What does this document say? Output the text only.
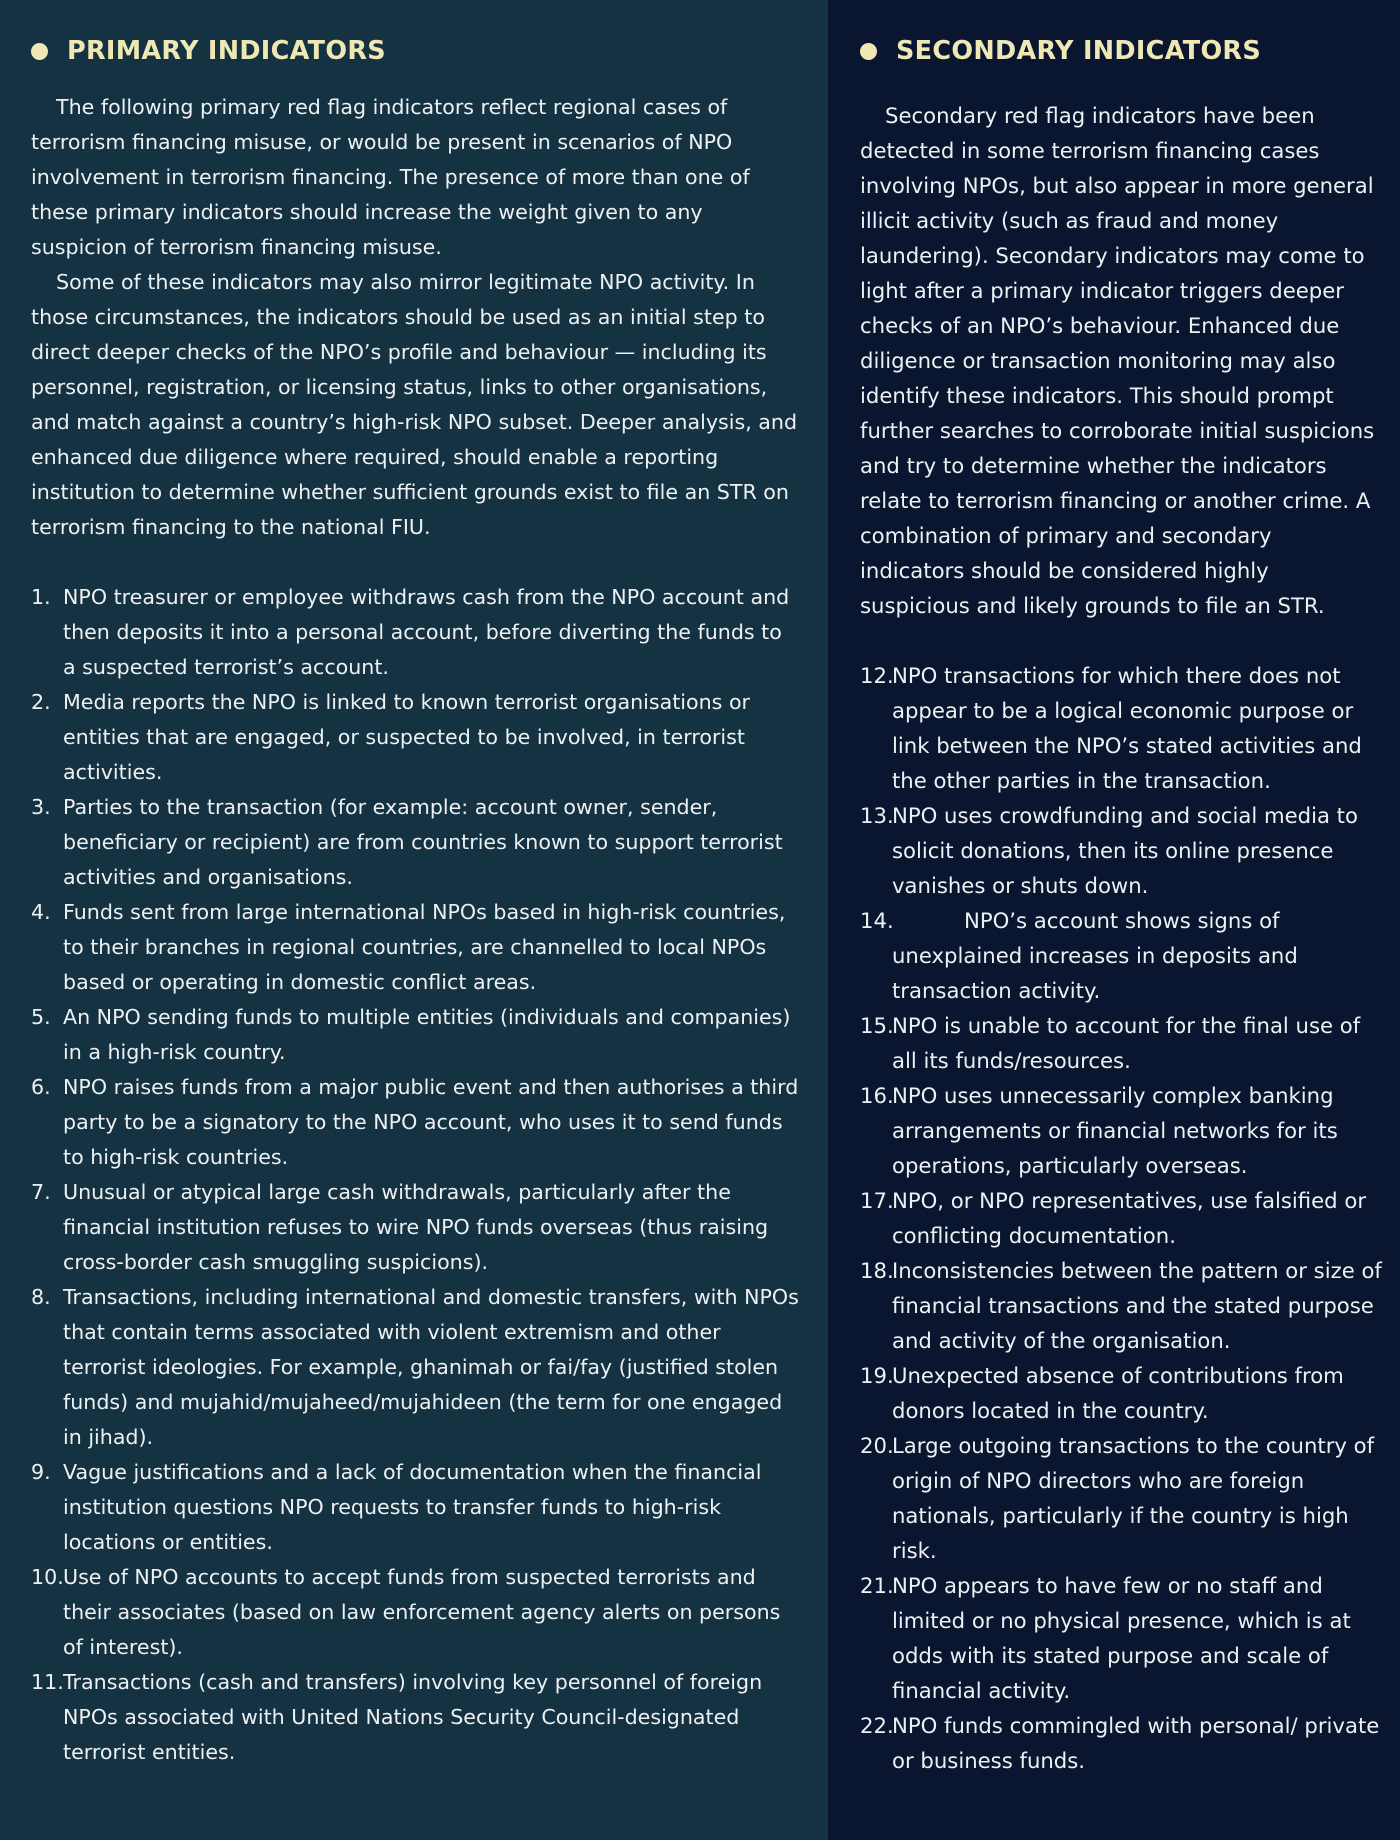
PRIMARY INDICATORS

The following primary red flag indicators reflect regional cases of terrorism financing misuse, or would be present in scenarios of NPO involvement in terrorism financing. The presence of more than one of these primary indicators should increase the weight given to any suspicion of terrorism financing misuse.

Some of these indicators may also mirror legitimate NPO activity. In those circumstances, the indicators should be used as an initial step to direct deeper checks of the NPO’s profile and behaviour — including its personnel, registration, or licensing status, links to other organisations, and match against a country’s high-risk NPO subset. Deeper analysis, and enhanced due diligence where required, should enable a reporting institution to determine whether sufficient grounds exist to file an STR on terrorism financing to the national FIU.

1. NPO treasurer or employee withdraws cash from the NPO account and then deposits it into a personal account, before diverting the funds to a suspected terrorist’s account.
2. Media reports the NPO is linked to known terrorist organisations or entities that are engaged, or suspected to be involved, in terrorist activities.
3. Parties to the transaction (for example: account owner, sender, beneficiary or recipient) are from countries known to support terrorist activities and organisations.
4. Funds sent from large international NPOs based in high-risk countries, to their branches in regional countries, are channelled to local NPOs based or operating in domestic conflict areas.
5. An NPO sending funds to multiple entities (individuals and companies) in a high-risk country.
6. NPO raises funds from a major public event and then authorises a third party to be a signatory to the NPO account, who uses it to send funds to high-risk countries.
7. Unusual or atypical large cash withdrawals, particularly after the financial institution refuses to wire NPO funds overseas (thus raising cross-border cash smuggling suspicions).
8. Transactions, including international and domestic transfers, with NPOs that contain terms associated with violent extremism and other terrorist ideologies. For example, ghanimah or fai/fay (justified stolen funds) and mujahid/mujaheed/mujahideen (the term for one engaged in jihad).
9. Vague justifications and a lack of documentation when the financial institution questions NPO requests to transfer funds to high-risk locations or entities.
10. Use of NPO accounts to accept funds from suspected terrorists and their associates (based on law enforcement agency alerts on persons of interest).
11. Transactions (cash and transfers) involving key personnel of foreign NPOs associated with United Nations Security Council-designated terrorist entities.
SECONDARY INDICATORS

Secondary red flag indicators have been detected in some terrorism financing cases involving NPOs, but also appear in more general illicit activity (such as fraud and money laundering). Secondary indicators may come to light after a primary indicator triggers deeper checks of an NPO’s behaviour. Enhanced due diligence or transaction monitoring may also identify these indicators. This should prompt further searches to corroborate initial suspicions and try to determine whether the indicators relate to terrorism financing or another crime. A combination of primary and secondary indicators should be considered highly suspicious and likely grounds to file an STR.

12.
NPO transactions for which there does not appear to be a logical economic purpose or link between the NPO’s stated activities and the other parties in the transaction.
13.
NPO uses crowdfunding and social media to solicit donations, then its online presence vanishes or shuts down.
14.	NPO’s account shows signs of unexplained increases in deposits and transaction activity.
15.
NPO is unable to account for the final use of all its funds/resources.
16.
NPO uses unnecessarily complex banking arrangements or financial networks for its operations, particularly overseas.
17.
NPO, or NPO representatives, use falsified or conflicting documentation.
18.
Inconsistencies between the pattern or size of financial transactions and the stated purpose and activity of the organisation.
19.
Unexpected absence of contributions from donors located in the country.
20.
Large outgoing transactions to the country of origin of NPO directors who are foreign nationals, particularly if the country is high risk.
21.
NPO appears to have few or no staff and limited or no physical presence, which is at odds with its stated purpose and scale of financial activity.
22.
NPO funds commingled with personal/ private or business funds.
